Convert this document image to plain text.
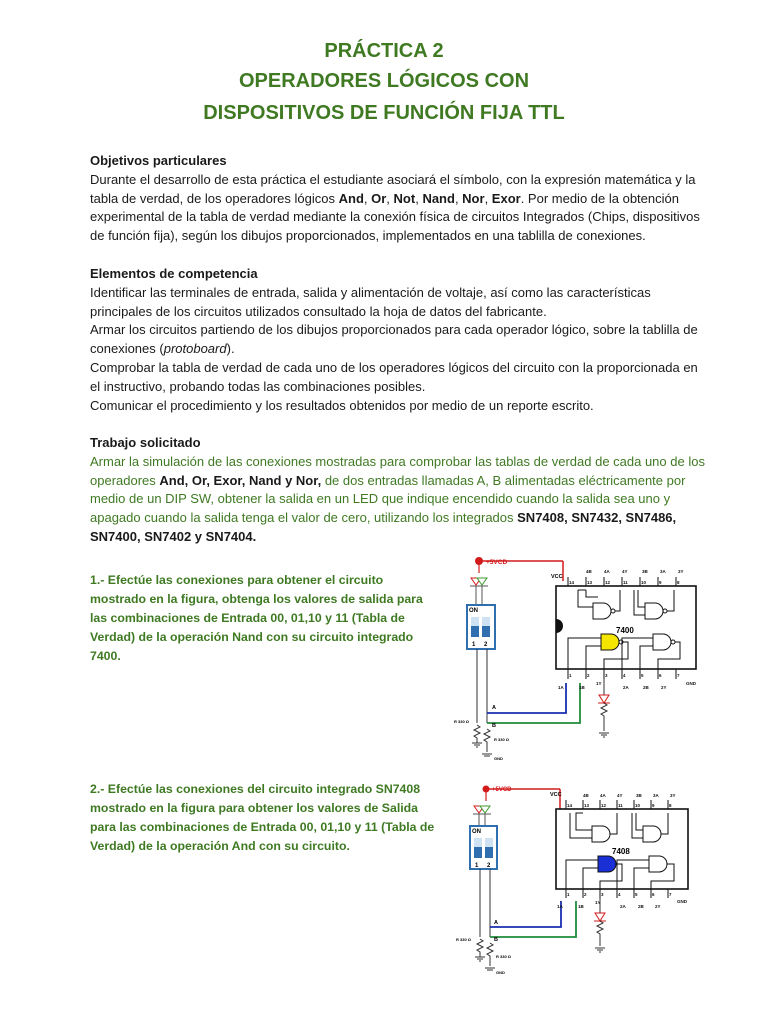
PRÁCTICA 2
OPERADORES LÓGICOS CON
DISPOSITIVOS DE FUNCIÓN FIJA TTL
Objetivos particulares
Durante el desarrollo de esta práctica el estudiante asociará el símbolo, con la expresión matemática y la tabla de verdad, de los operadores lógicos And, Or, Not, Nand, Nor, Exor. Por medio de la obtención experimental de la tabla de verdad mediante la conexión física de circuitos Integrados (Chips, dispositivos de función fija), según los dibujos proporcionados, implementados en una tablilla de conexiones.
Elementos de competencia
Identificar las terminales de entrada, salida y alimentación de voltaje, así como las características principales de los circuitos utilizados consultado la hoja de datos del fabricante.
Armar los circuitos partiendo de los dibujos proporcionados para cada operador lógico, sobre la tablilla de conexiones (protoboard).
Comprobar la tabla de verdad de cada uno de los operadores lógicos del circuito con la proporcionada en el instructivo, probando todas las combinaciones posibles.
Comunicar el procedimiento y los resultados obtenidos por medio de un reporte escrito.
Trabajo solicitado
Armar la simulación de las conexiones mostradas para comprobar las tablas de verdad de cada uno de los operadores And, Or, Exor, Nand y Nor, de dos entradas llamadas A, B alimentadas eléctricamente por medio de un DIP SW, obtener la salida en un LED que indique encendido cuando la salida sea uno y apagado cuando la salida tenga el valor de cero, utilizando los integrados SN7408, SN7432, SN7486, SN7400, SN7402 y SN7404.
1.- Efectúe las conexiones para obtener el circuito mostrado en la figura, obtenga los valores de salida para las combinaciones de Entrada 00, 01,10 y 11 (Tabla de Verdad) de la operación Nand con su circuito integrado 7400.
2.- Efectúe las conexiones del circuito integrado SN7408 mostrado en la figura para obtener los valores de Salida para las combinaciones de Entrada 00, 01,10 y 11 (Tabla de Verdad) de la operación And con su circuito.
+5VCD
VCC
ON
1 2
A
B
R 330 Ω
R 330 Ω
GND
7400
14	13	12	11	10	9	8
4B	4A	4Y	3B	3A	3Y
1	2	3	4	5	6	7
1A	1B
1Y
2A	2B	2Y
GND
+5VCD
VCC
ON
1 2
A
B
R 330 Ω
R 330 Ω
GND
7408
14	13	12	11	10	9	8
4B 4A 4Y	3B 3A 3Y
1	2	3	4	5	6	7
1A	1B
1Y
2A	2B 2Y
GND
